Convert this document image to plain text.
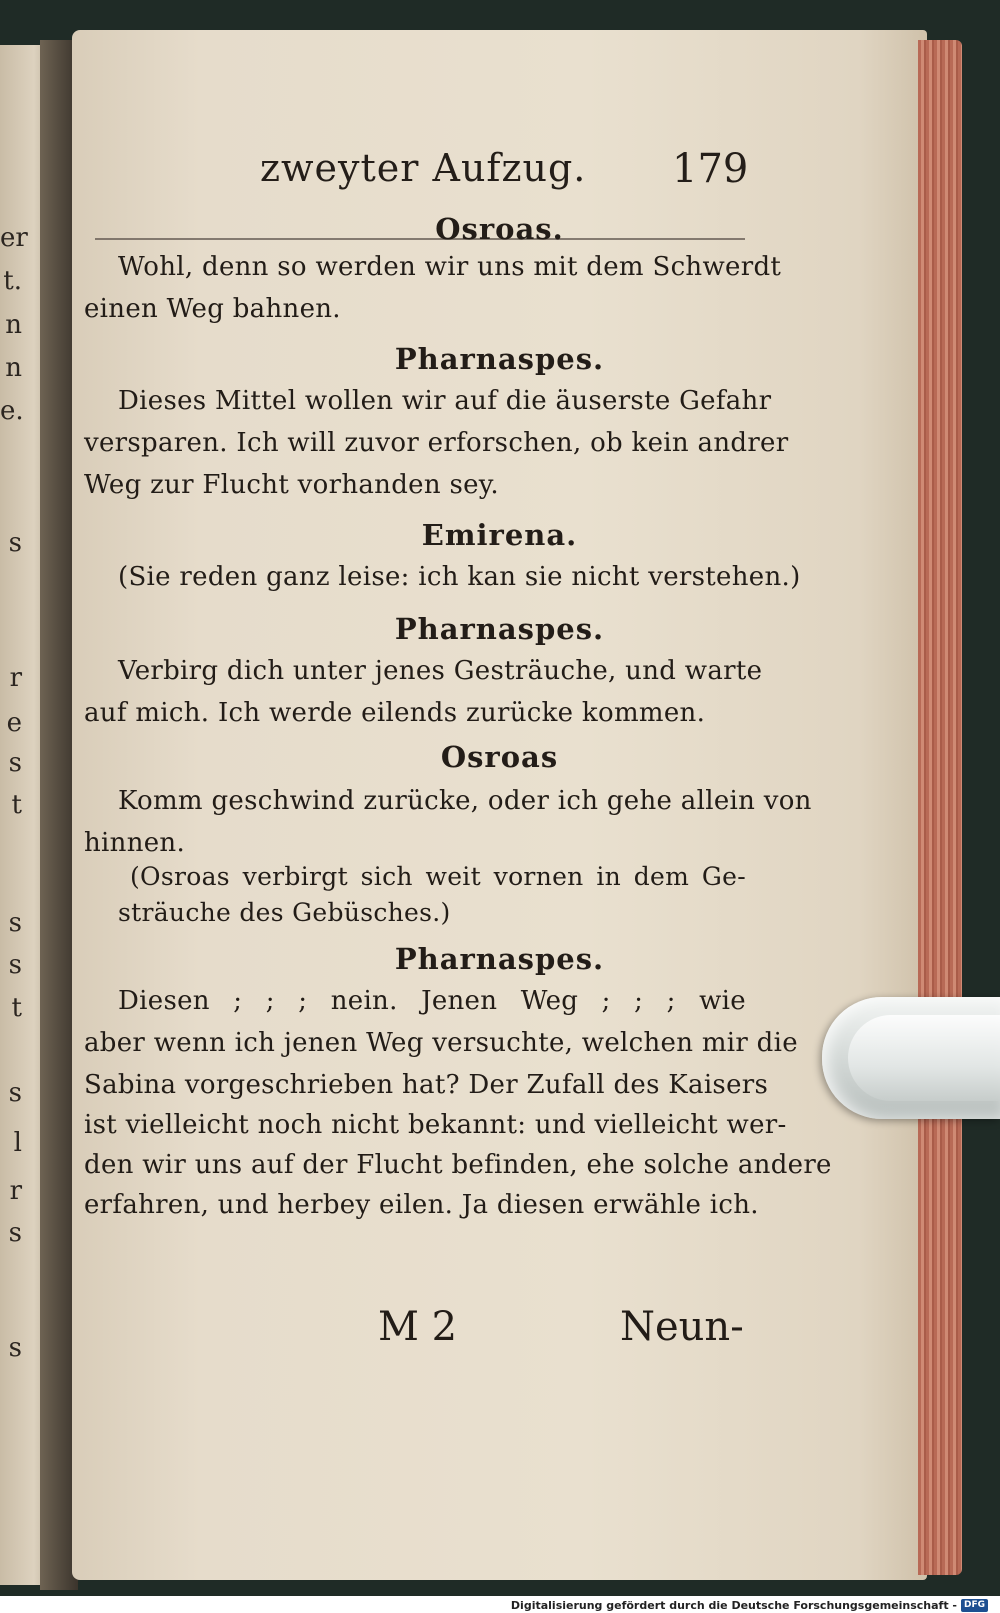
er
t.
n
n
e.
s
r
e
s
t
s
s
t
s
l
r
s
s
zweyter Aufzug.	179
Osroas.
Wohl, denn so werden wir uns mit dem Schwerdt
einen Weg bahnen.
Pharnaspes.
Dieses Mittel wollen wir auf die äuserste Gefahr
versparen. Ich will zuvor erforschen, ob kein andrer
Weg zur Flucht vorhanden sey.
Emirena.
(Sie reden ganz leise: ich kan sie nicht verstehen.)
Pharnaspes.
Verbirg dich unter jenes Gesträuche, und warte
auf mich. Ich werde eilends zurücke kommen.
Osroas
Komm geschwind zurücke, oder ich gehe allein von
hinnen.
(Osroas verbirgt sich weit vornen in dem Ge-
sträuche des Gebüsches.)
Pharnaspes.
Diesen ; ; ; nein. Jenen Weg ; ; ; wie
aber wenn ich jenen Weg versuchte, welchen mir die
Sabina vorgeschrieben hat? Der Zufall des Kaisers
ist vielleicht noch nicht bekannt: und vielleicht wer-
den wir uns auf der Flucht befinden, ehe solche andere
erfahren, und herbey eilen. Ja diesen erwähle ich.
M 2	Neun-
Digitalisierung gefördert durch die Deutsche Forschungsgemeinschaft - DFG
